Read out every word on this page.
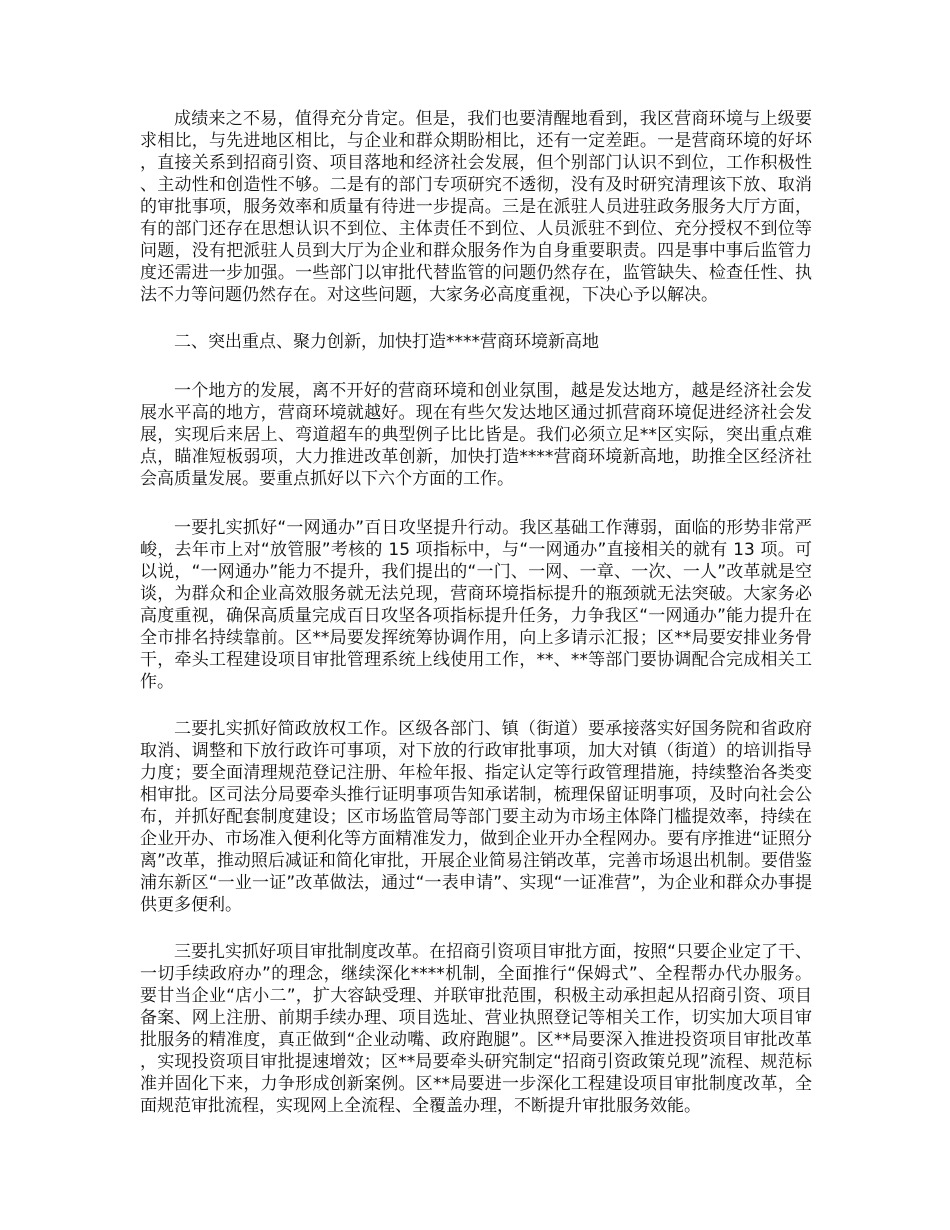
成绩来之不易，值得充分肯定。但是，我们也要清醒地看到，我区营商环境与上级要求相比，与先进地区相比，与企业和群众期盼相比，还有一定差距。一是营商环境的好坏，直接关系到招商引资、项目落地和经济社会发展，但个别部门认识不到位，工作积极性、主动性和创造性不够。二是有的部门专项研究不透彻，没有及时研究清理该下放、取消的审批事项，服务效率和质量有待进一步提高。三是在派驻人员进驻政务服务大厅方面，有的部门还存在思想认识不到位、主体责任不到位、人员派驻不到位、充分授权不到位等问题，没有把派驻人员到大厅为企业和群众服务作为自身重要职责。四是事中事后监管力度还需进一步加强。一些部门以审批代替监管的问题仍然存在，监管缺失、检查任性、执法不力等问题仍然存在。对这些问题，大家务必高度重视，下决心予以解决。

二、突出重点、聚力创新，加快打造****营商环境新高地

一个地方的发展，离不开好的营商环境和创业氛围，越是发达地方，越是经济社会发展水平高的地方，营商环境就越好。现在有些欠发达地区通过抓营商环境促进经济社会发展，实现后来居上、弯道超车的典型例子比比皆是。我们必须立足**区实际，突出重点难点，瞄准短板弱项，大力推进改革创新，加快打造****营商环境新高地，助推全区经济社会高质量发展。要重点抓好以下六个方面的工作。

一要扎实抓好“一网通办”百日攻坚提升行动。我区基础工作薄弱，面临的形势非常严峻，去年市上对“放管服”考核的 15 项指标中，与“一网通办”直接相关的就有 13 项。可以说，“一网通办”能力不提升，我们提出的“一门、一网、一章、一次、一人”改革就是空谈，为群众和企业高效服务就无法兑现，营商环境指标提升的瓶颈就无法突破。大家务必高度重视，确保高质量完成百日攻坚各项指标提升任务，力争我区“一网通办”能力提升在全市排名持续靠前。区**局要发挥统筹协调作用，向上多请示汇报；区**局要安排业务骨干，牵头工程建设项目审批管理系统上线使用工作，**、**等部门要协调配合完成相关工作。

二要扎实抓好简政放权工作。区级各部门、镇（街道）要承接落实好国务院和省政府取消、调整和下放行政许可事项，对下放的行政审批事项，加大对镇（街道）的培训指导力度；要全面清理规范登记注册、年检年报、指定认定等行政管理措施，持续整治各类变相审批。区司法分局要牵头推行证明事项告知承诺制，梳理保留证明事项，及时向社会公布，并抓好配套制度建设；区市场监管局等部门要主动为市场主体降门槛提效率，持续在企业开办、市场准入便利化等方面精准发力，做到企业开办全程网办。要有序推进“证照分离”改革，推动照后减证和简化审批，开展企业简易注销改革，完善市场退出机制。要借鉴浦东新区“一业一证”改革做法，通过“一表申请”、实现“一证准营”，为企业和群众办事提供更多便利。

三要扎实抓好项目审批制度改革。在招商引资项目审批方面，按照“只要企业定了干、一切手续政府办”的理念，继续深化****机制，全面推行“保姆式”、全程帮办代办服务。要甘当企业“店小二”，扩大容缺受理、并联审批范围，积极主动承担起从招商引资、项目备案、网上注册、前期手续办理、项目选址、营业执照登记等相关工作，切实加大项目审批服务的精准度，真正做到“企业动嘴、政府跑腿”。区**局要深入推进投资项目审批改革，实现投资项目审批提速增效；区**局要牵头研究制定“招商引资政策兑现”流程、规范标准并固化下来，力争形成创新案例。区**局要进一步深化工程建设项目审批制度改革，全面规范审批流程，实现网上全流程、全覆盖办理，不断提升审批服务效能。
